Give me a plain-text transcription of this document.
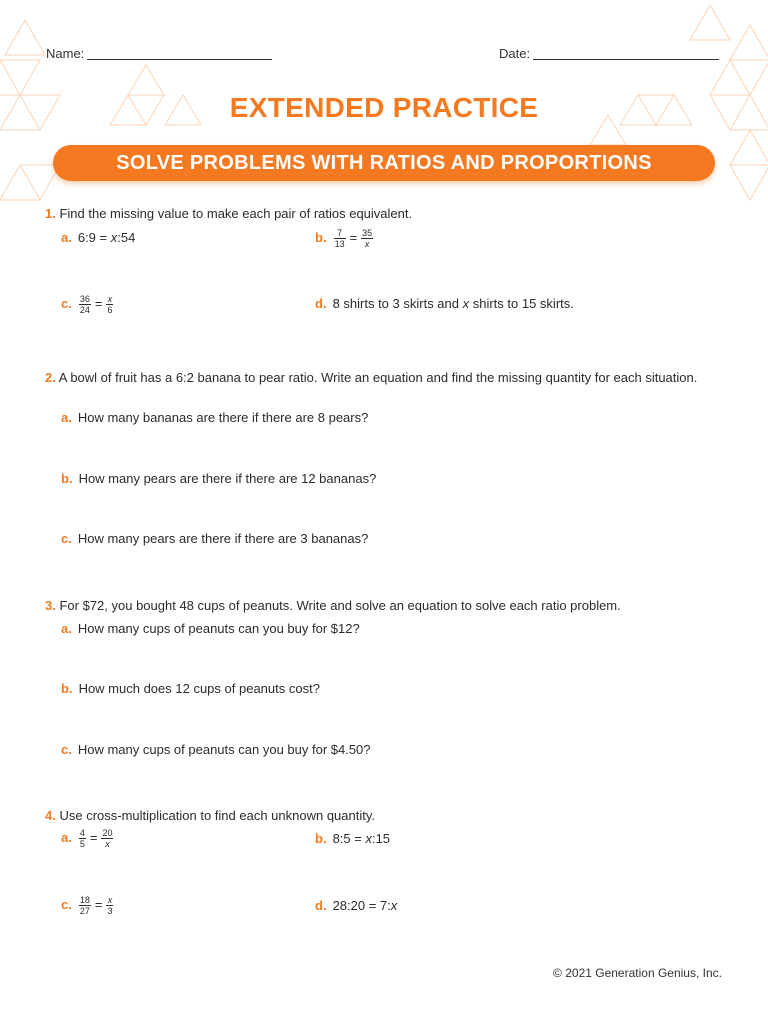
Name:	Date:
EXTENDED PRACTICE
SOLVE PROBLEMS WITH RATIOS AND PROPORTIONS
1. Find the missing value to make each pair of ratios equivalent.
a. 6:9 = x:54	b. $\frac{7}{13} = \frac{35}{x}$
c. $\frac{36}{24} = \frac{x}{6}$	d. 8 shirts to 3 skirts and x shirts to 15 skirts.
2. A bowl of fruit has a 6:2 banana to pear ratio. Write an equation and find the missing quantity for each situation.
a. How many bananas are there if there are 8 pears?
b. How many pears are there if there are 12 bananas?
c. How many pears are there if there are 3 bananas?
3. For $72, you bought 48 cups of peanuts. Write and solve an equation to solve each ratio problem.
a. How many cups of peanuts can you buy for $12?
b. How much does 12 cups of peanuts cost?
c. How many cups of peanuts can you buy for $4.50?
4. Use cross-multiplication to find each unknown quantity.
a. $\frac{4}{5} = \frac{20}{x}$	b. 8:5 = x:15
c. $\frac{18}{27} = \frac{x}{3}$	d. 28:20 = 7:x
© 2021 Generation Genius, Inc.
